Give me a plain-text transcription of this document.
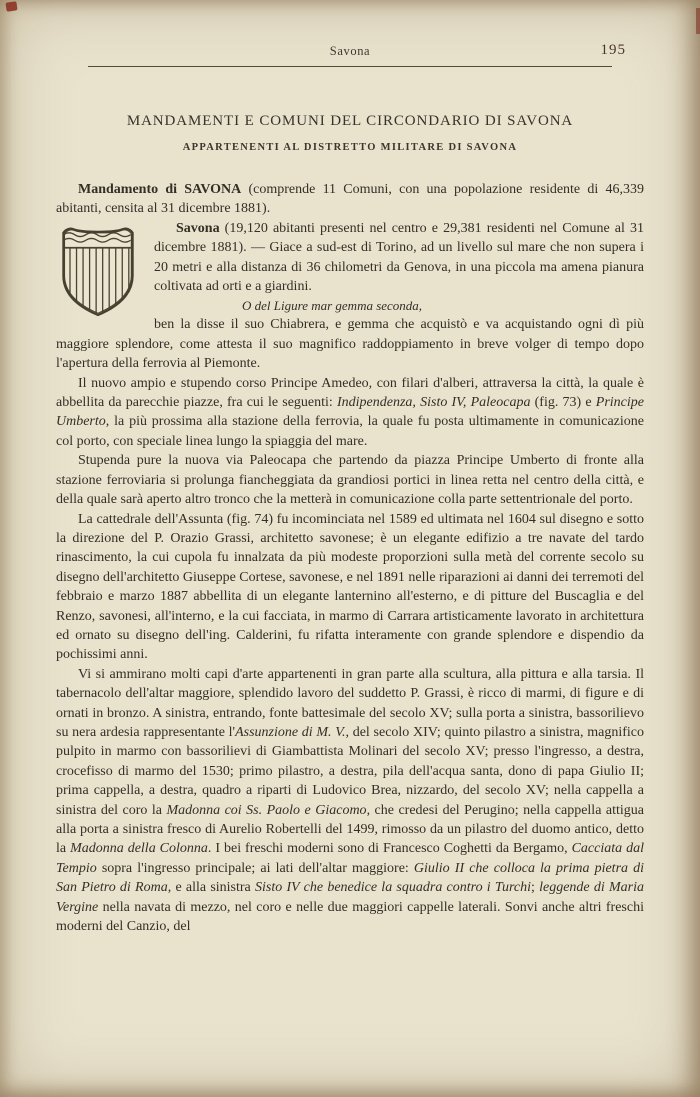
Savona	195
MANDAMENTI E COMUNI DEL CIRCONDARIO DI SAVONA
APPARTENENTI AL DISTRETTO MILITARE DI SAVONA

Mandamento di SAVONA (comprende 11 Comuni, con una popolazione residente di 46,339 abitanti, censita al 31 dicembre 1881).

Savona (19,120 abitanti presenti nel centro e 29,381 residenti nel Comune al 31 dicembre 1881). — Giace a sud-est di Torino, ad un livello sul mare che non supera i 20 metri e alla distanza di 36 chilometri da Genova, in una piccola ma amena pianura coltivata ad orti e a giardini.
O del Ligure mar gemma seconda,

ben la disse il suo Chiabrera, e gemma che acquistò e va acquistando ogni dì più maggiore splendore, come attesta il suo magnifico raddoppiamento in breve volger di tempo dopo l'apertura della ferrovia al Piemonte.

Il nuovo ampio e stupendo corso Principe Amedeo, con filari d'alberi, attraversa la città, la quale è abbellita da parecchie piazze, fra cui le seguenti: Indipendenza, Sisto IV, Paleocapa (fig. 73) e Principe Umberto, la più prossima alla stazione della ferrovia, la quale fu posta ultimamente in comunicazione col porto, con speciale linea lungo la spiaggia del mare.

Stupenda pure la nuova via Paleocapa che partendo da piazza Principe Umberto di fronte alla stazione ferroviaria si prolunga fiancheggiata da grandiosi portici in linea retta nel centro della città, e della quale sarà aperto altro tronco che la metterà in comunicazione colla parte settentrionale del porto.

La cattedrale dell'Assunta (fig. 74) fu incominciata nel 1589 ed ultimata nel 1604 sul disegno e sotto la direzione del P. Orazio Grassi, architetto savonese; è un elegante edifizio a tre navate del tardo rinascimento, la cui cupola fu innalzata da più modeste proporzioni sulla metà del corrente secolo su disegno dell'architetto Giuseppe Cortese, savonese, e nel 1891 nelle riparazioni ai danni dei terremoti del febbraio e marzo 1887 abbellita di un elegante lanternino all'esterno, e di pitture del Buscaglia e del Renzo, savonesi, all'interno, e la cui facciata, in marmo di Carrara artisticamente lavorato in architettura ed ornato su disegno dell'ing. Calderini, fu rifatta interamente con grande splendore e dispendio da pochissimi anni.

Vi si ammirano molti capi d'arte appartenenti in gran parte alla scultura, alla pittura e alla tarsia. Il tabernacolo dell'altar maggiore, splendido lavoro del suddetto P. Grassi, è ricco di marmi, di figure e di ornati in bronzo. A sinistra, entrando, fonte battesimale del secolo XV; sulla porta a sinistra, bassorilievo su nera ardesia rappresentante l'Assunzione di M. V., del secolo XIV; quinto pilastro a sinistra, magnifico pulpito in marmo con bassorilievi di Giambattista Molinari del secolo XV; presso l'ingresso, a destra, crocefisso di marmo del 1530; primo pilastro, a destra, pila dell'acqua santa, dono di papa Giulio II; prima cappella, a destra, quadro a riparti di Ludovico Brea, nizzardo, del secolo XV; nella cappella a sinistra del coro la Madonna coi Ss. Paolo e Giacomo, che credesi del Perugino; nella cappella attigua alla porta a sinistra fresco di Aurelio Robertelli del 1499, rimosso da un pilastro del duomo antico, detto la Madonna della Colonna. I bei freschi moderni sono di Francesco Coghetti da Bergamo, Cacciata dal Tempio sopra l'ingresso principale; ai lati dell'altar maggiore: Giulio II che colloca la prima pietra di San Pietro di Roma, e alla sinistra Sisto IV che benedice la squadra contro i Turchi; leggende di Maria Vergine nella navata di mezzo, nel coro e nelle due maggiori cappelle laterali. Sonvi anche altri freschi moderni del Canzio, del
